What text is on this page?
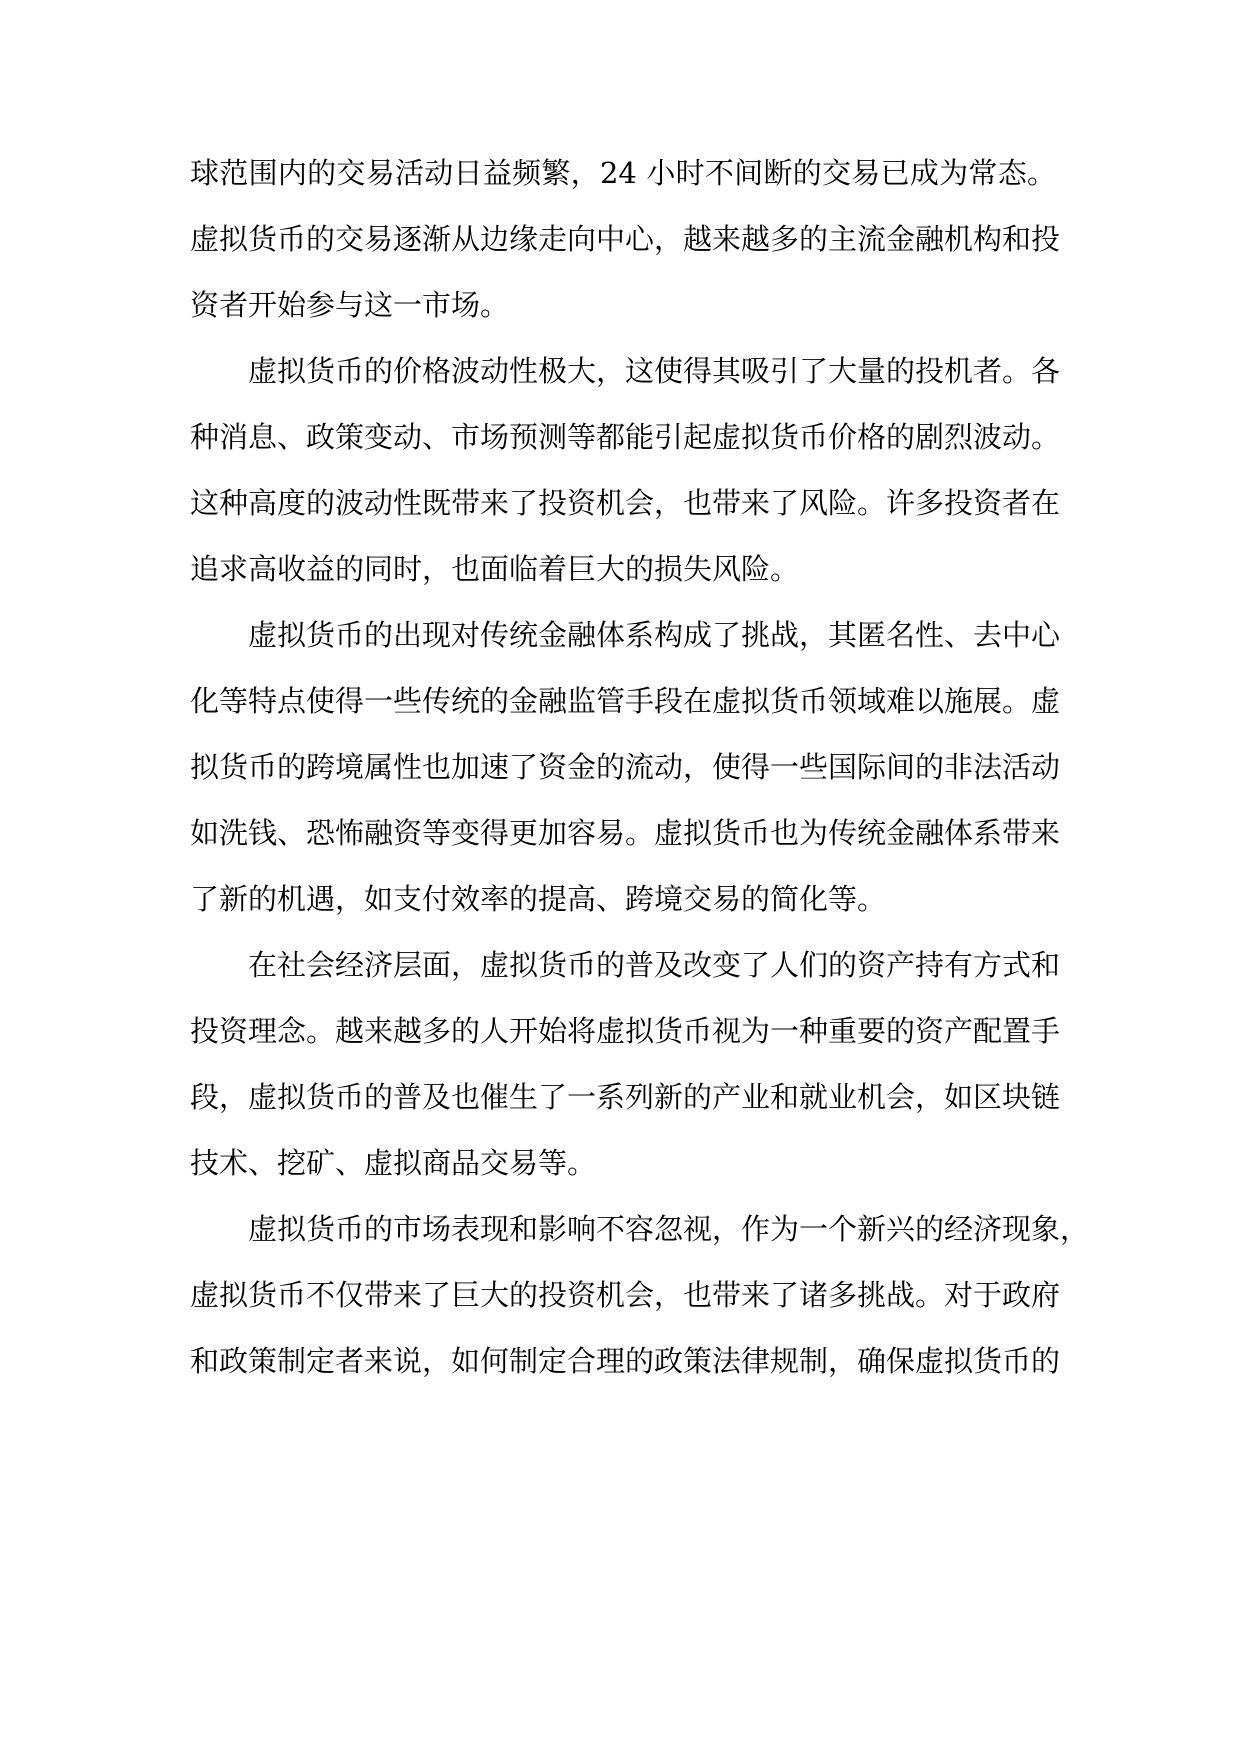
球范围内的交易活动日益频繁，24 小时不间断的交易已成为常态。
虚拟货币的交易逐渐从边缘走向中心，越来越多的主流金融机构和投
资者开始参与这一市场。
虚拟货币的价格波动性极大，这使得其吸引了大量的投机者。各
种消息、政策变动、市场预测等都能引起虚拟货币价格的剧烈波动。
这种高度的波动性既带来了投资机会，也带来了风险。许多投资者在
追求高收益的同时，也面临着巨大的损失风险。
虚拟货币的出现对传统金融体系构成了挑战，其匿名性、去中心
化等特点使得一些传统的金融监管手段在虚拟货币领域难以施展。虚
拟货币的跨境属性也加速了资金的流动，使得一些国际间的非法活动
如洗钱、恐怖融资等变得更加容易。虚拟货币也为传统金融体系带来
了新的机遇，如支付效率的提高、跨境交易的简化等。
在社会经济层面，虚拟货币的普及改变了人们的资产持有方式和
投资理念。越来越多的人开始将虚拟货币视为一种重要的资产配置手
段，虚拟货币的普及也催生了一系列新的产业和就业机会，如区块链
技术、挖矿、虚拟商品交易等。
虚拟货币的市场表现和影响不容忽视，作为一个新兴的经济现象，
虚拟货币不仅带来了巨大的投资机会，也带来了诸多挑战。对于政府
和政策制定者来说，如何制定合理的政策法律规制，确保虚拟货币的
